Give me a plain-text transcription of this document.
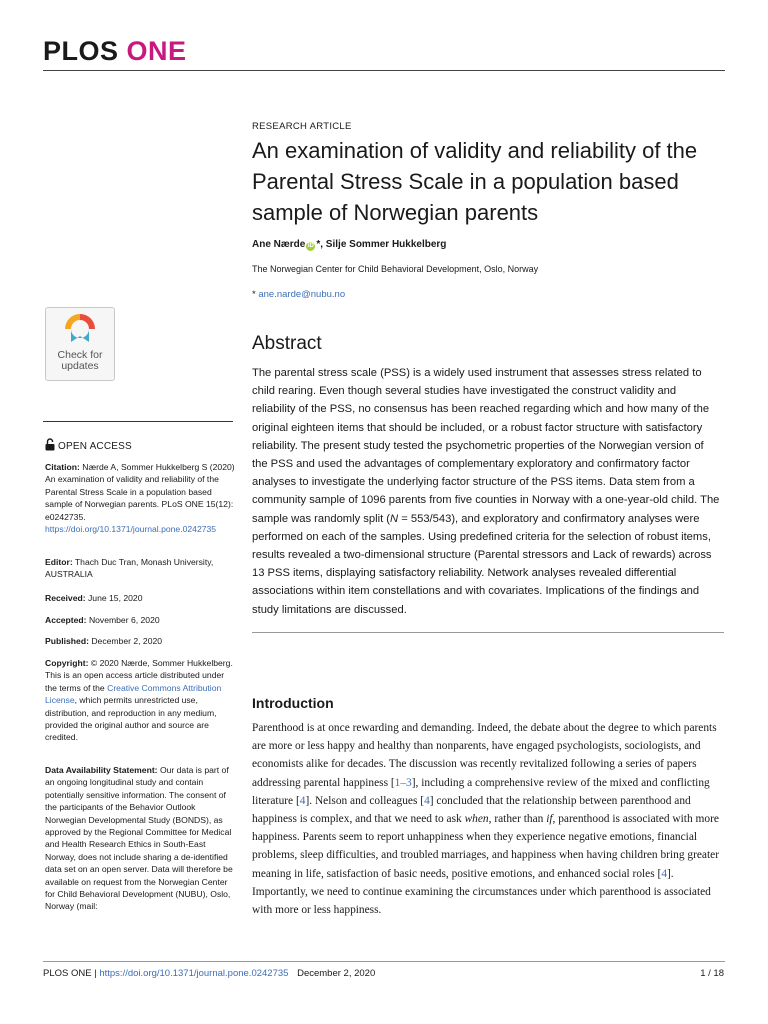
PLOS ONE
Check for
updates
OPEN ACCESS
Citation: Nærde A, Sommer Hukkelberg S (2020) An examination of validity and reliability of the Parental Stress Scale in a population based sample of Norwegian parents. PLoS ONE 15(12): e0242735. https://doi.org/10.1371/journal.pone.0242735
Editor: Thach Duc Tran, Monash University, AUSTRALIA
Received: June 15, 2020
Accepted: November 6, 2020
Published: December 2, 2020
Copyright: © 2020 Nærde, Sommer Hukkelberg. This is an open access article distributed under the terms of the Creative Commons Attribution License, which permits unrestricted use, distribution, and reproduction in any medium, provided the original author and source are credited.
Data Availability Statement: Our data is part of an ongoing longitudinal study and contain potentially sensitive information. The consent of the participants of the Behavior Outlook Norwegian Developmental Study (BONDS), as approved by the Regional Committee for Medical and Health Research Ethics in South-East Norway, does not include sharing a de-identified data set on an open server. Data will therefore be available on request from the Norwegian Center for Child Behavioral Development (NUBU), Oslo, Norway (mail:
RESEARCH ARTICLE
An examination of validity and reliability of the Parental Stress Scale in a population based sample of Norwegian parents
Ane Nærde iD *, Silje Sommer Hukkelberg
The Norwegian Center for Child Behavioral Development, Oslo, Norway
* ane.narde@nubu.no
Abstract
The parental stress scale (PSS) is a widely used instrument that assesses stress related to child rearing. Even though several studies have investigated the construct validity and reliability of the PSS, no consensus has been reached regarding which and how many of the original eighteen items that should be included, or a robust factor structure with satisfactory reliability. The present study tested the psychometric properties of the Norwegian version of the PSS and used the advantages of complementary exploratory and confirmatory factor analyses to investigate the underlying factor structure of the PSS items. Data stem from a community sample of 1096 parents from five counties in Norway with a one-year-old child. The sample was randomly split (N = 553/543), and exploratory and confirmatory analyses were performed on each of the samples. Using predefined criteria for the selection of robust items, results revealed a two-dimensional structure (Parental stressors and Lack of rewards) across 13 PSS items, displaying satisfactory reliability. Network analyses revealed differential associations within item constellations and with covariates. Implications of the findings and study limitations are discussed.
Introduction
Parenthood is at once rewarding and demanding. Indeed, the debate about the degree to which parents are more or less happy and healthy than nonparents, have engaged psychologists, sociologists, and economists alike for decades. The discussion was recently revitalized following a series of papers addressing parental happiness [1–3], including a comprehensive review of the mixed and conflicting literature [4]. Nelson and colleagues [4] concluded that the relationship between parenthood and happiness is complex, and that we need to ask when, rather than if, parenthood is associated with more happiness. Parents seem to report unhappiness when they experience negative emotions, financial problems, sleep difficulties, and troubled marriages, and happiness when having children bring greater meaning in life, satisfaction of basic needs, positive emotions, and enhanced social roles [4]. Importantly, we need to continue examining the circumstances under which parenthood is associated with more or less happiness.
PLOS ONE | https://doi.org/10.1371/journal.pone.0242735 December 2, 2020	1 / 18
